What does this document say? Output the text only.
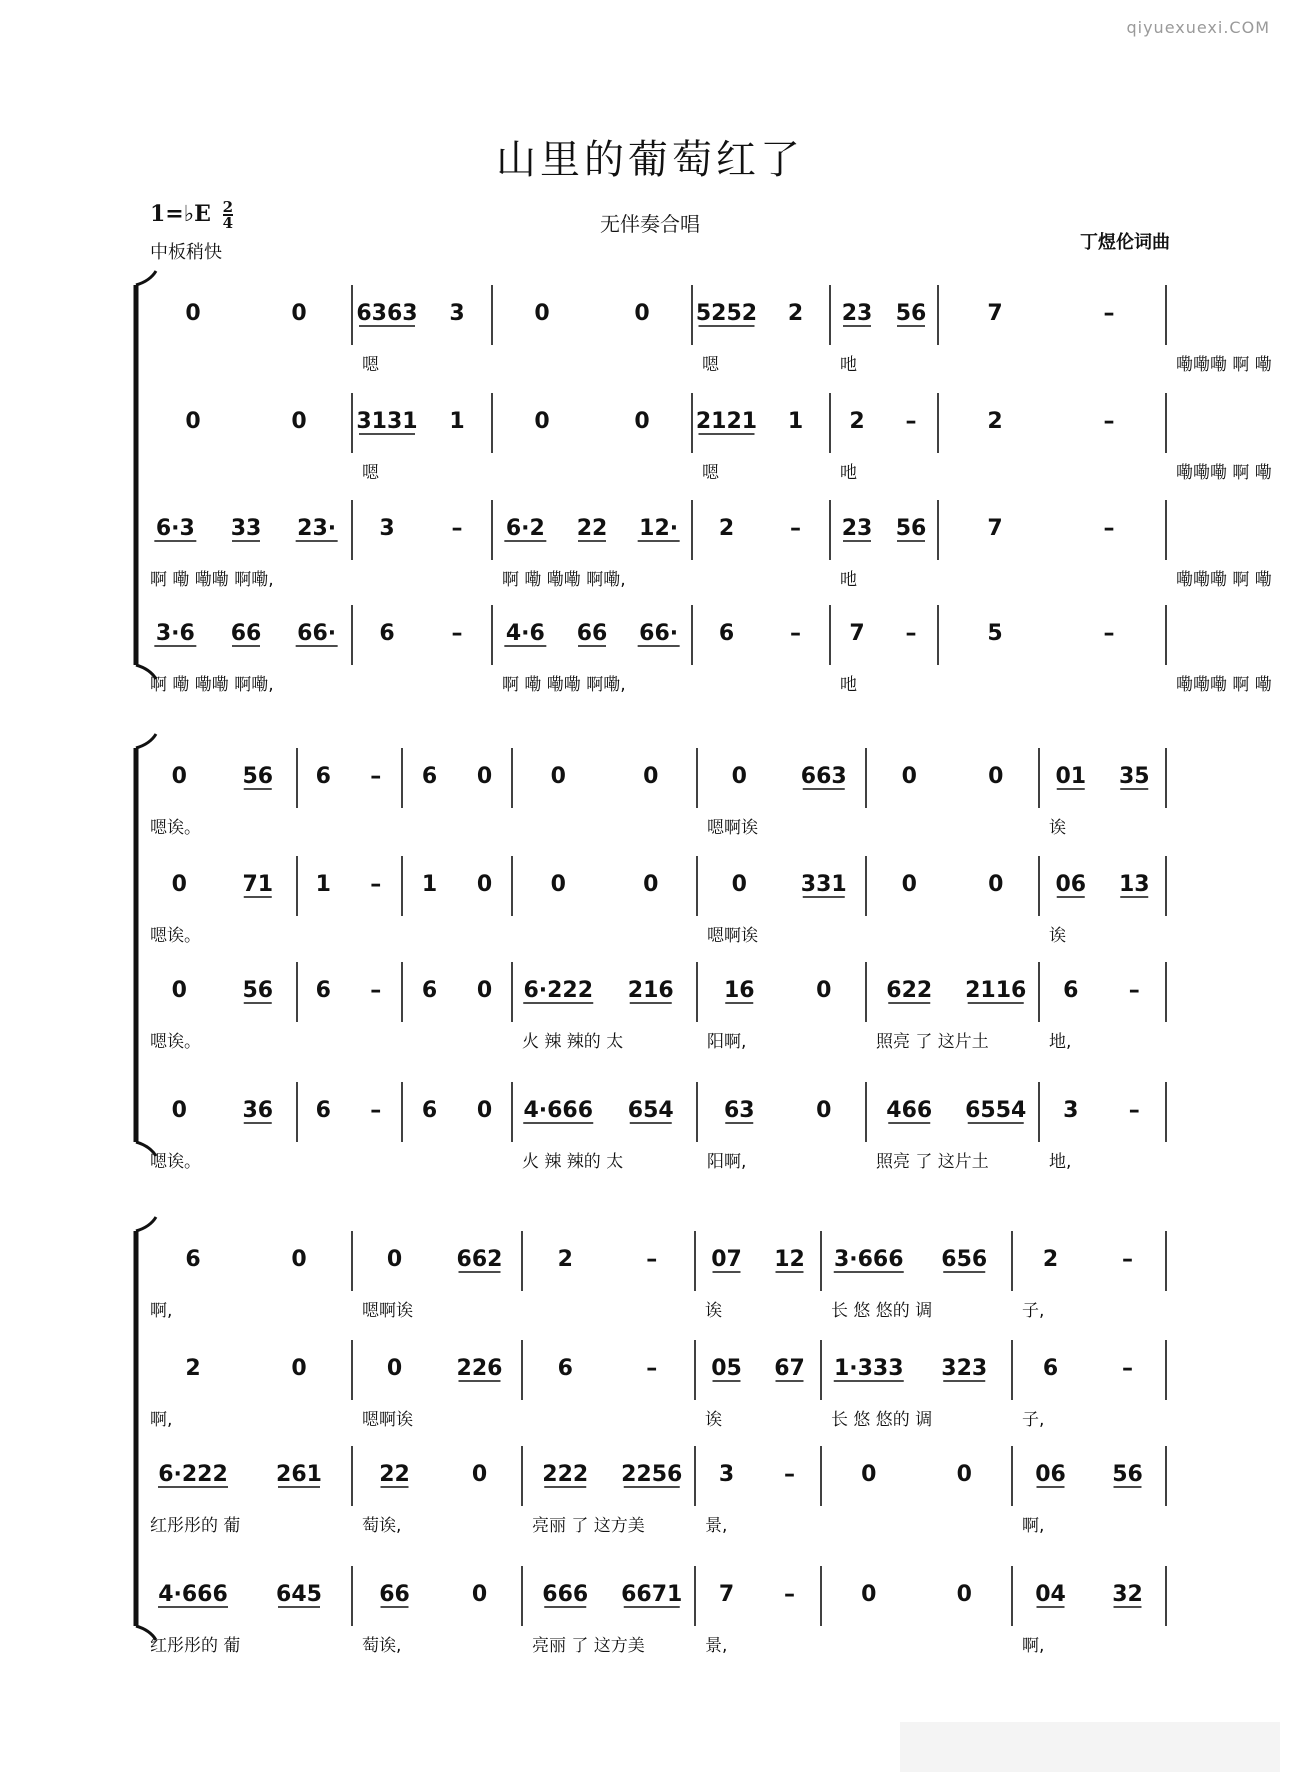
qiyuexuexi.COM
山里的葡萄红了
1=♭E $\frac{2}{4}$
中板稍快
无伴奏合唱
丁煜伦词曲
0	0 6363 3	0	0 5252 2 23 56	7	–
嗯	嗯	吔	嘞嘞嘞 啊 嘞
0	0 3131 1	0	0 2121 1 2 –	2	–
嗯	嗯	吔	嘞嘞嘞 啊 嘞
6·3 33 23· 3	– 6·2 22 12· 2	– 23 56	7	–
啊 嘞 嘞嘞 啊嘞,	啊 嘞 嘞嘞 啊嘞,	吔	嘞嘞嘞 啊 嘞
3·6 66 66· 6	– 4·6 66 66· 6	– 7 –	5	–
啊 嘞 嘞嘞 啊嘞,	啊 嘞 嘞嘞 啊嘞,	吔	嘞嘞嘞 啊 嘞
0	56 6 – 6 0	0	0	0 663 0	0 01 35
嗯诶。	嗯啊诶	诶
0	71 1 – 1 0	0	0	0 331 0	0 06 13
嗯诶。	嗯啊诶	诶
0	56 6 – 6 0 6·222 216 16	0 622 2116 6 –
嗯诶。	火 辣 辣的 太	阳啊,	照亮 了 这片土	地,
0	36 6 – 6 0 4·666 654 63	0 466 6554 3 –
嗯诶。	火 辣 辣的 太	阳啊,	照亮 了 这片土	地,
6	0	0 662	2	– 07 12 3·666 656	2	–
啊,	嗯啊诶	诶	长 悠 悠的 调	子,
2	0	0 226	6	– 05 67 1·333 323	6	–
啊,	嗯啊诶	诶	长 悠 悠的 调	子,
6·222 261	22	0	222 2256 3 –	0	0	06 56
红彤彤的 葡	萄诶,	亮丽 了 这方美	景,	啊,
4·666 645	66	0	666 6671 7 –	0	0	04 32
红彤彤的 葡	萄诶,	亮丽 了 这方美	景,	啊,
